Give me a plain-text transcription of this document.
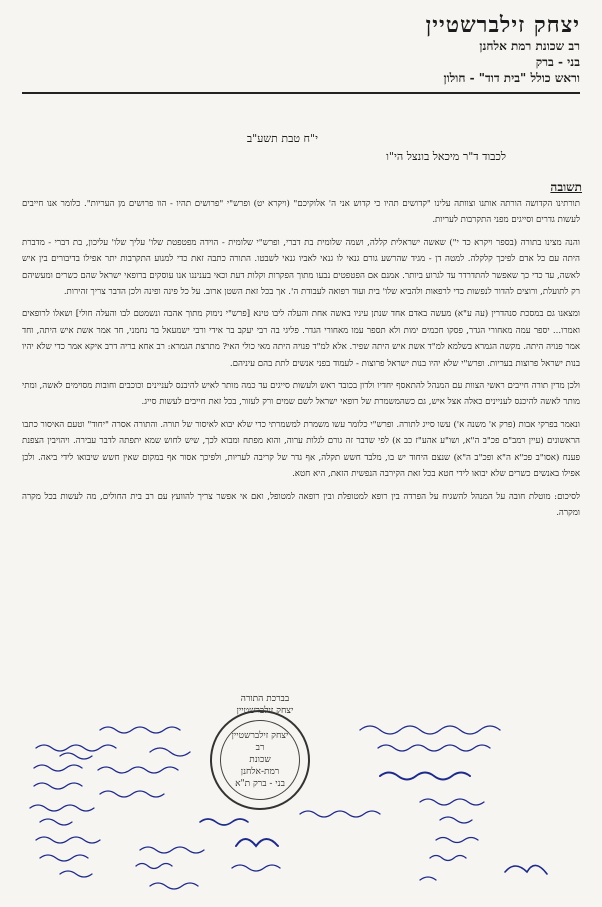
יצחק זילברשטיין
רב שכונת רמת אלחנן
בני - ברק
וראש כולל "בית דוד" - חולון
י"ח טבת תשע"ב
לכבוד ד"ר מיכאל בונצל הי"ו
תשובה

תורתינו הקדושה הורתה אותנו וצוותה עלינו "קדושים תהיו כי קדוש אני ה' אלוקיכם" (ויקרא יט) ופרש"י "פרושים תהיו - הוו פרושים מן העריות". כלומר אנו חייבים לעשות גדרים וסייגים מפני התקרבות לעריות.

והנה מצינו בתורה (בספר ויקרא כד י") שאשה ישראלית קללה, ושמה שלומית בת דברי, ופרש"י שלומית - הוידה מפטפטת שלו' עליך שלו' עליכון, בת דברי - מדברת היתה עם כל אדם לפיכך קלקלה. למטה דן - מגיד שהרשע גורם גנאי לו גנאי לאביו גנאי לשבטו. התורה כתבה זאת כדי למנוע התקרבות יתר אפילו בדיבורים בין איש לאשה, עד כדי כך שאפשר להתדרדר עד לגרוע ביותר. אמנם אם הפטפטים נבעו מתוך הפקרות וקלות דעת וכאי בעניננו אנו עוסקים ברופאי ישראל שהם כשרים ומעשיהם רק לתועלת, ורוצים להדור לנפשות כדי לרפאות ולהביא שלו' בית ועוד רפואה לעבודת ה'. אך בכל זאת השטן ארוב. על כל פינה ופינה ולכן הדבר צריך זהירות.

ומצאנו גם במסכת סנהדרין (עה ע"א) מעשה באדם אחד שנתן עיניו באשה אחת והעלה ליבו טינא [פרש"י נימוק מתוך אהבה ונשמטם לבו והעלה חולי] ושאלו לרופאים ואמרו... יספר עמה מאחורי הגדר, פסקו חכמים ימות ולא תספר עמו מאחורי הגדר. פליגי בה רבי יעקב בר אידי ורבי ישמעאל בר נחמני, חד אמר אשת איש היתה, וחד אמר פנויה היתה. מקשה הגמרא בשלמא למ"ד אשת איש היתה שפיר. אלא למ"ד פנויה היתה מאי כולי האי? מתרצת הגמרא: רב אחא בריה דרב איקא אמר כדי שלא יהיו בנות ישראל פרוצות בעריות. ופרש"י שלא יהיו בנות ישראל פרוצות - לעמוד בפני אנשים לתת בהם עיניהם.

ולכן מדין תורה חייבים ראשי הצוות עם המנהל להתאסף יחדיו ולדון בכובד ראש ולעשות סייגים עד כמה מותר לאיש להיבנס לעניינים וכוכבים וחובות מסוימים לאשה, ומתי מותר לאשה להיכנס לעניינים כאלה אצל איש, גם כשהמשמרת של רופאי ישראל לשם שמים ורק לעזור, בכל זאת חייבים לעשות סייג.

ונאמר בפרקי אבות (פרק א' משנה א') עשו סייג לתורה. ופרש"י כלומר עשו משמרת למשמרתי כדי שלא יבוא לאיסור של תורה. והתורה אסרה "יחוד" וטעם האיסור כתבו הראשונים (עיין רמב"ם פכ"ב ה"א, ושו"ע אהע"ז כב א) לפי שדבר זה גורם לגלות ערוה, והוא מפתח ומבוא לכך, שיש לחוש שמא יתפתה לדבר עבירה. ויהויבין הצפנת פענח (אסו"ב פכ"א ה"א ופכ"ב ה"א) שנצם היחוד יש בו, מלבד חשש תקלה, אף גדר של קריבה לעריות, ולפיכך אסור אף במקום שאין חשש שיבואו לידי ביאה. ולכן אפילו באנשים כשרים שלא יבואו לידי חטא בכל זאת הקירבה הנפשית הזאת, היא חטא.

לסיכום: מוטלת חובה על המנהל להשגיח על הפרדה בין רופא למטופלת ובין רופאה למטופל, ואם אי אפשר צריך להוועץ עם רב בית החולים, מה לעשות בכל מקרה ומקרה.

בברכת התורה
יצחק זילברשטיין
יצחק זילברשטיין
רב
שכונת
רמת-אלחנן
בני - ברק ת"א
